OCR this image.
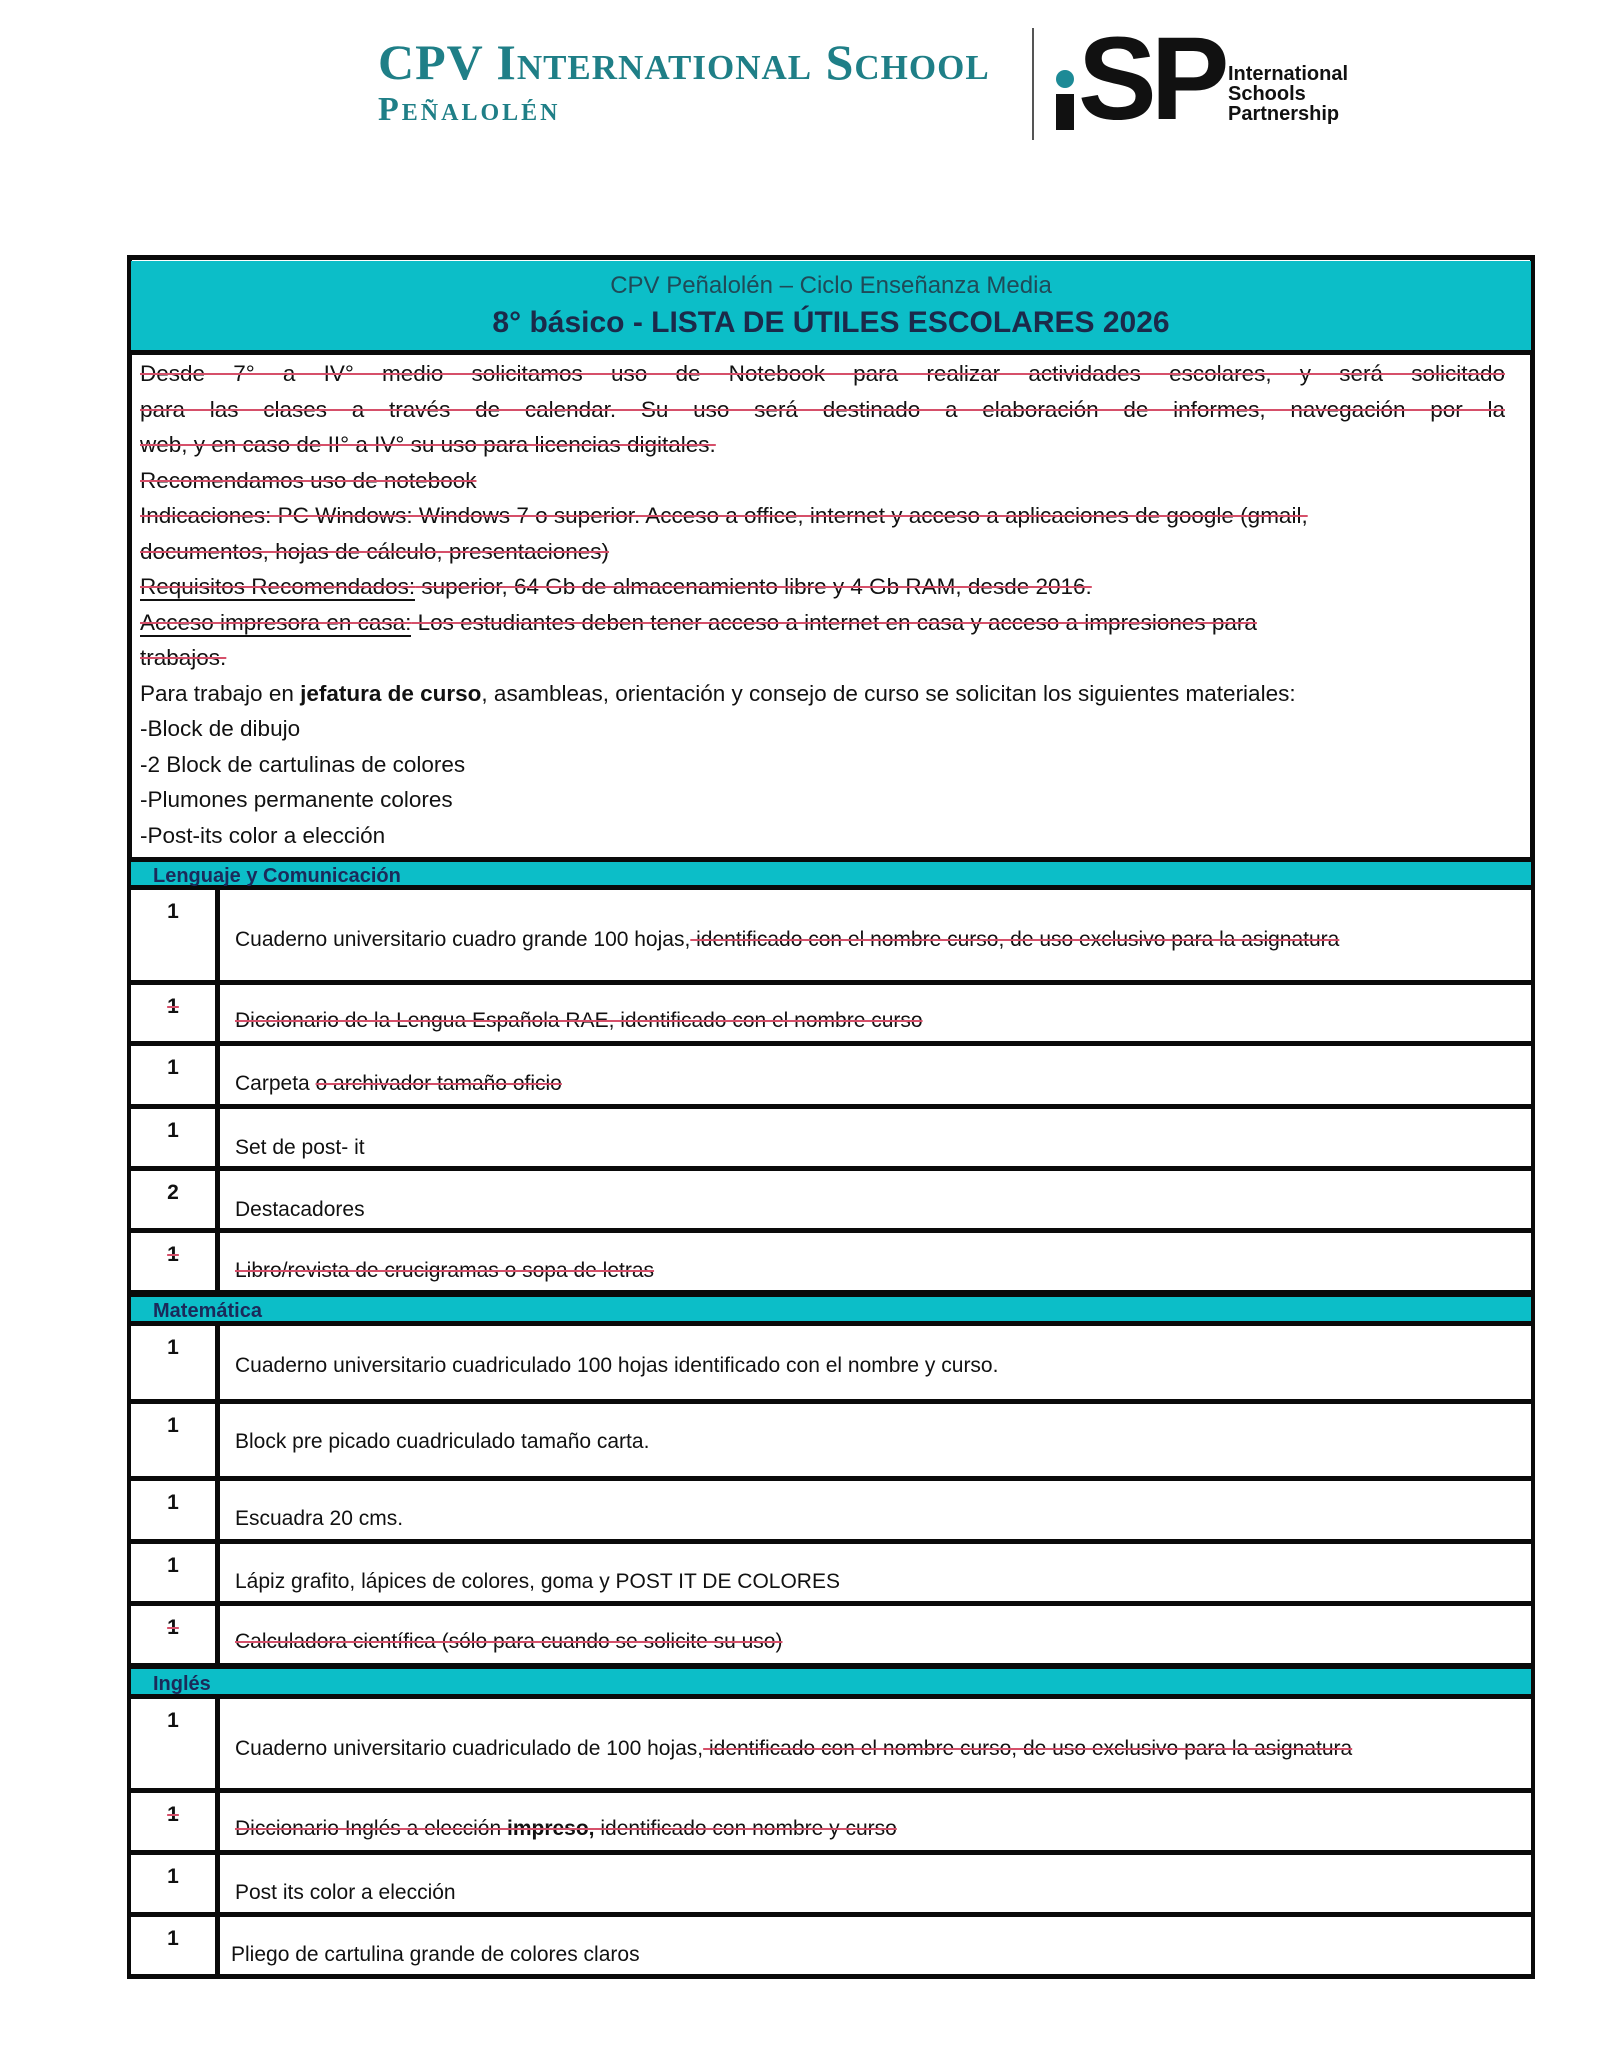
CPV International School
Peñalolén	SP International
Schools
Partnership
CPV Peñalolén – Ciclo Enseñanza Media
8° básico - LISTA DE ÚTILES ESCOLARES 2026

Desde 7° a IV° medio solicitamos uso de Notebook para realizar actividades escolares, y será solicitado

para las clases a través de calendar. Su uso será destinado a elaboración de informes, navegación por la

web, y en caso de II° a IV° su uso para licencias digitales.

Recomendamos uso de notebook

Indicaciones: PC Windows: Windows 7 o superior. Acceso a office, internet y acceso a aplicaciones de google (gmail,

documentos, hojas de cálculo, presentaciones)

Requisitos Recomendados: superior, 64 Gb de almacenamiento libre y 4 Gb RAM, desde 2016.

Acceso impresora en casa: Los estudiantes deben tener acceso a internet en casa y acceso a impresiones para

trabajos.

Para trabajo en jefatura de curso, asambleas, orientación y consejo de curso se solicitan los siguientes materiales:

-Block de dibujo

-2 Block de cartulinas de colores

-Plumones permanente colores

-Post-its color a elección

Lenguaje y Comunicación
1
Cuaderno universitario cuadro grande 100 hojas, identificado con el nombre curso, de uso exclusivo para la asignatura
1
Diccionario de la Lengua Española RAE, identificado con el nombre curso
1
Carpeta o archivador tamaño oficio
1
Set de post- it
2
Destacadores
1
Libro/revista de crucigramas o sopa de letras
Matemática
1
Cuaderno universitario cuadriculado 100 hojas identificado con el nombre y curso.
1
Block pre picado cuadriculado tamaño carta.
1
Escuadra 20 cms.
1
Lápiz grafito, lápices de colores, goma y POST IT DE COLORES
1
Calculadora científica (sólo para cuando se solicite su uso)
Inglés
1
Cuaderno universitario cuadriculado de 100 hojas, identificado con el nombre curso, de uso exclusivo para la asignatura
1
Diccionario Inglés a elección impreso, identificado con nombre y curso
1
Post its color a elección
1
Pliego de cartulina grande de colores claros
